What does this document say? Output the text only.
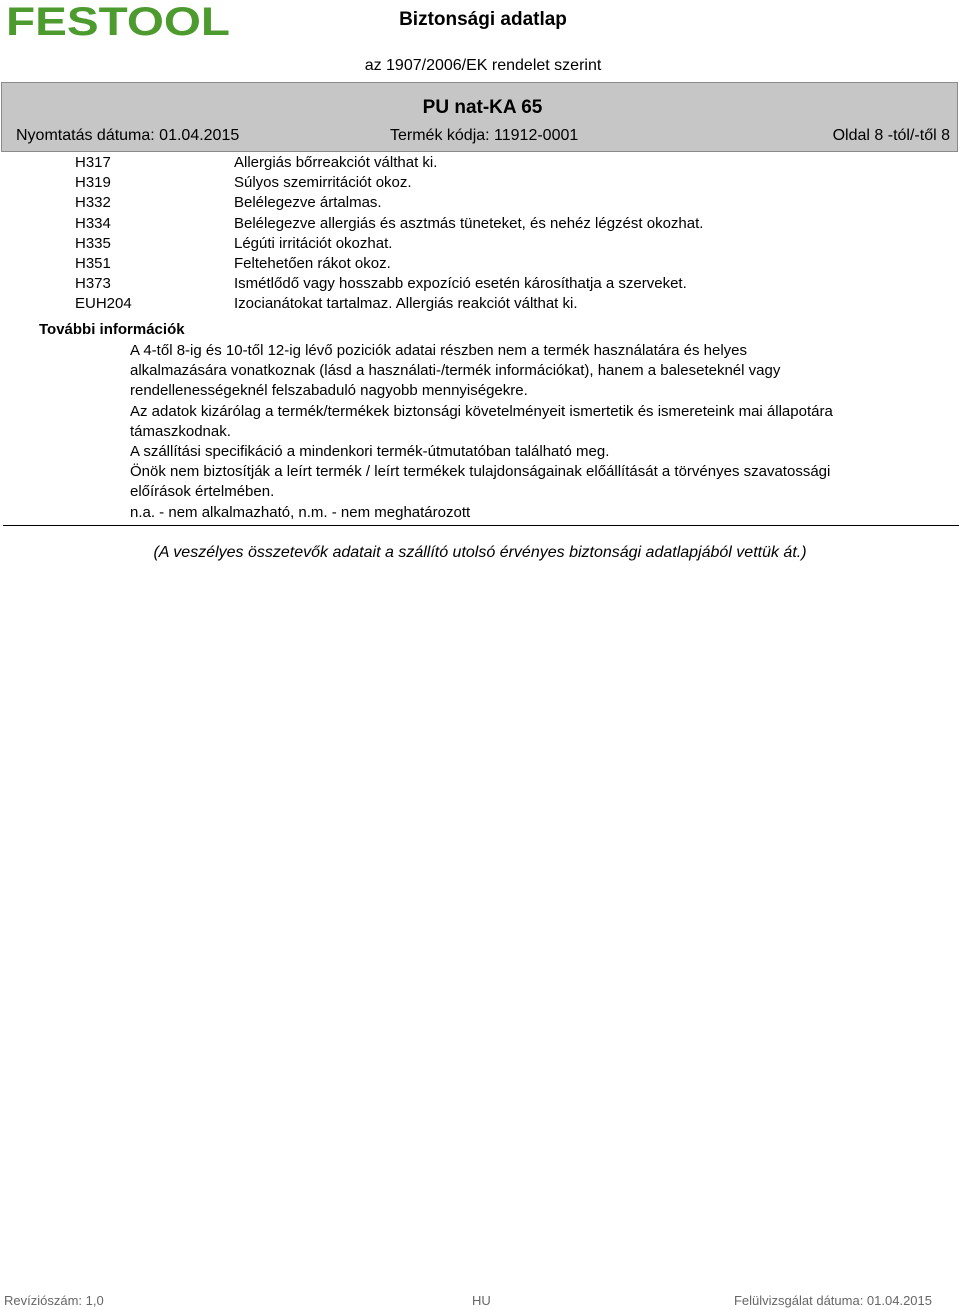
FESTOOL	Biztonsági adatlap
az 1907/2006/EK rendelet szerint
PU nat-KA 65
Nyomtatás dátuma: 01.04.2015	Termék kódja: 11912-0001	Oldal 8 -tól/-től 8
H317	Allergiás bőrreakciót válthat ki.
H319	Súlyos szemirritációt okoz.
H332	Belélegezve ártalmas.
H334	Belélegezve allergiás és asztmás tüneteket, és nehéz légzést okozhat.
H335	Légúti irritációt okozhat.
H351	Feltehetően rákot okoz.
H373	Ismétlődő vagy hosszabb expozíció esetén károsíthatja a szerveket.
EUH204	Izocianátokat tartalmaz. Allergiás reakciót válthat ki.
További információk

A 4-től 8-ig és 10-től 12-ig lévő poziciók adatai részben nem a termék használatára és helyes alkalmazására vonatkoznak (lásd a használati-/termék információkat), hanem a baleseteknél vagy rendellenességeknél felszabaduló nagyobb mennyiségekre.

Az adatok kizárólag a termék/termékek biztonsági követelményeit ismertetik és ismereteink mai állapotára támaszkodnak.

A szállítási specifikáció a mindenkori termék-útmutatóban található meg.

Önök nem biztosítják a leírt termék / leírt termékek tulajdonságainak előállítását a törvényes szavatossági előírások értelmében.

n.a. - nem alkalmazható, n.m. - nem meghatározott

(A veszélyes összetevők adatait a szállító utolsó érvényes biztonsági adatlapjából vettük át.)
Revíziószám: 1,0	HU	Felülvizsgálat dátuma: 01.04.2015
